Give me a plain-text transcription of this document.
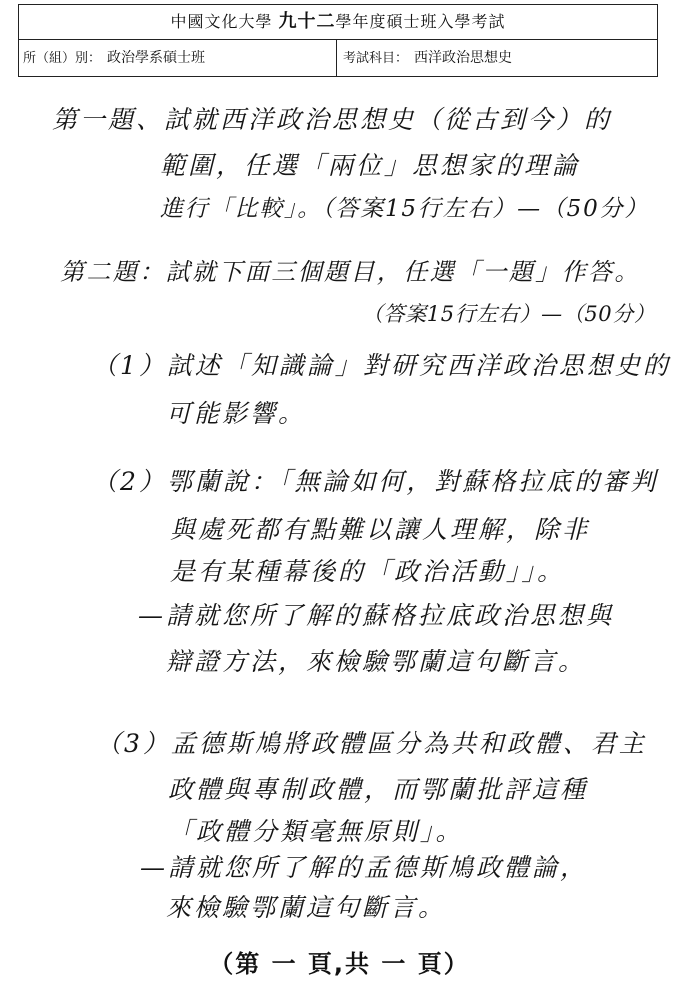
中國文化大學 九十二學年度碩士班入學考試
所（組）別： 政治學系碩士班	考試科目： 西洋政治思想史
第一題、試就西洋政治思想史（從古到今）的
範圍，任選「兩位」思想家的理論
進行「比較」。（答案15行左右）—（50分）
第二題：試就下面三個題目，任選「一題」作答。
（答案15行左右）—（50分）
（1）試述「知識論」對研究西洋政治思想史的
可能影響。
（2）鄂蘭說：「無論如何，對蘇格拉底的審判
與處死都有點難以讓人理解，除非
是有某種幕後的「政治活動」」。
—請就您所了解的蘇格拉底政治思想與
辯證方法，來檢驗鄂蘭這句斷言。
（3）孟德斯鳩將政體區分為共和政體、君主
政體與專制政體，而鄂蘭批評這種
「政體分類毫無原則」。
—請就您所了解的孟德斯鳩政體論，
來檢驗鄂蘭這句斷言。
（第 一 頁,共 一 頁）
